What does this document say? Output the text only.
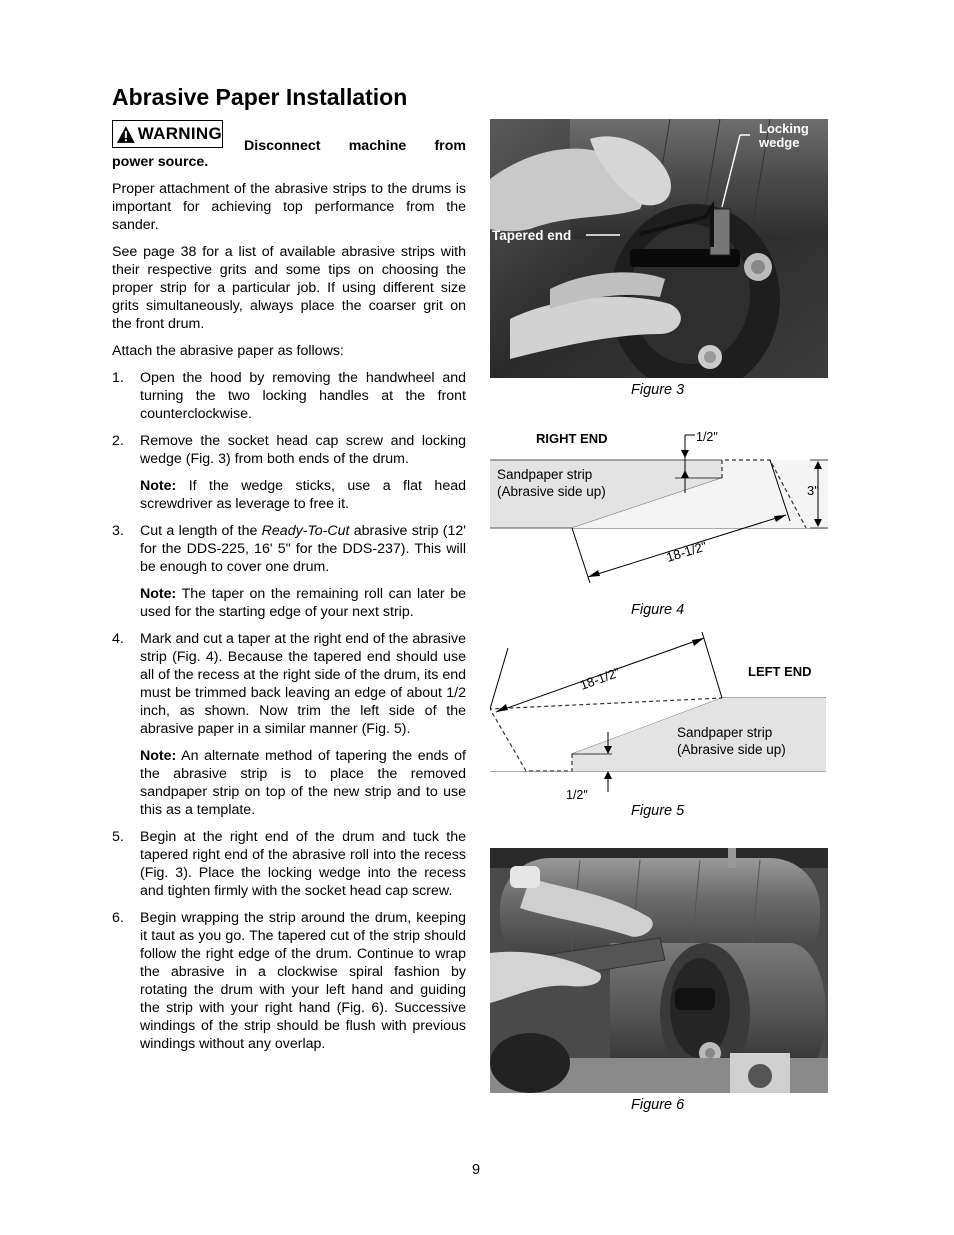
Abrasive Paper Installation
WARNING
Disconnect machine from

power source.

Proper attachment of the abrasive strips to the drums is important for achieving top performance from the sander.

See page 38 for a list of available abrasive strips with their respective grits and some tips on choosing the proper strip for a particular job. If using different size grits simultaneously, always place the coarser grit on the front drum.

Attach the abrasive paper as follows:

1. Open the hood by removing the handwheel and turning the two locking handles at the front counterclockwise.
2. Remove the socket head cap screw and locking wedge (Fig. 3) from both ends of the drum.
Note: If the wedge sticks, use a flat head screwdriver as leverage to free it.
3. Cut a length of the Ready-To-Cut abrasive strip (12' for the DDS-225, 16' 5" for the DDS-237). This will be enough to cover one drum.
Note: The taper on the remaining roll can later be used for the starting edge of your next strip.
4. Mark and cut a taper at the right end of the abrasive strip (Fig. 4). Because the tapered end should use all of the recess at the right side of the drum, its end must be trimmed back leaving an edge of about 1/2 inch, as shown. Now trim the left side of the abrasive paper in a similar manner (Fig. 5).
Note: An alternate method of tapering the ends of the abrasive strip is to place the removed sandpaper strip on top of the new strip and to use this as a template.
5. Begin at the right end of the drum and tuck the tapered right end of the abrasive roll into the recess (Fig. 3). Place the locking wedge into the recess and tighten firmly with the socket head cap screw.
6. Begin wrapping the strip around the drum, keeping it taut as you go. The tapered cut of the strip should follow the right edge of the drum. Continue to wrap the abrasive in a clockwise spiral fashion by rotating the drum with your left hand and guiding the strip with your right hand (Fig. 6). Successive windings of the strip should be flush with previous windings without any overlap.
Locking
wedge
Tapered end
Figure 3
RIGHT END
Sandpaper strip
(Abrasive side up)
1/2"
3"
18-1/2"
Figure 4
LEFT END
Sandpaper strip
(Abrasive side up)
1/2"
18-1/2"
Figure 5
Figure 6
9
